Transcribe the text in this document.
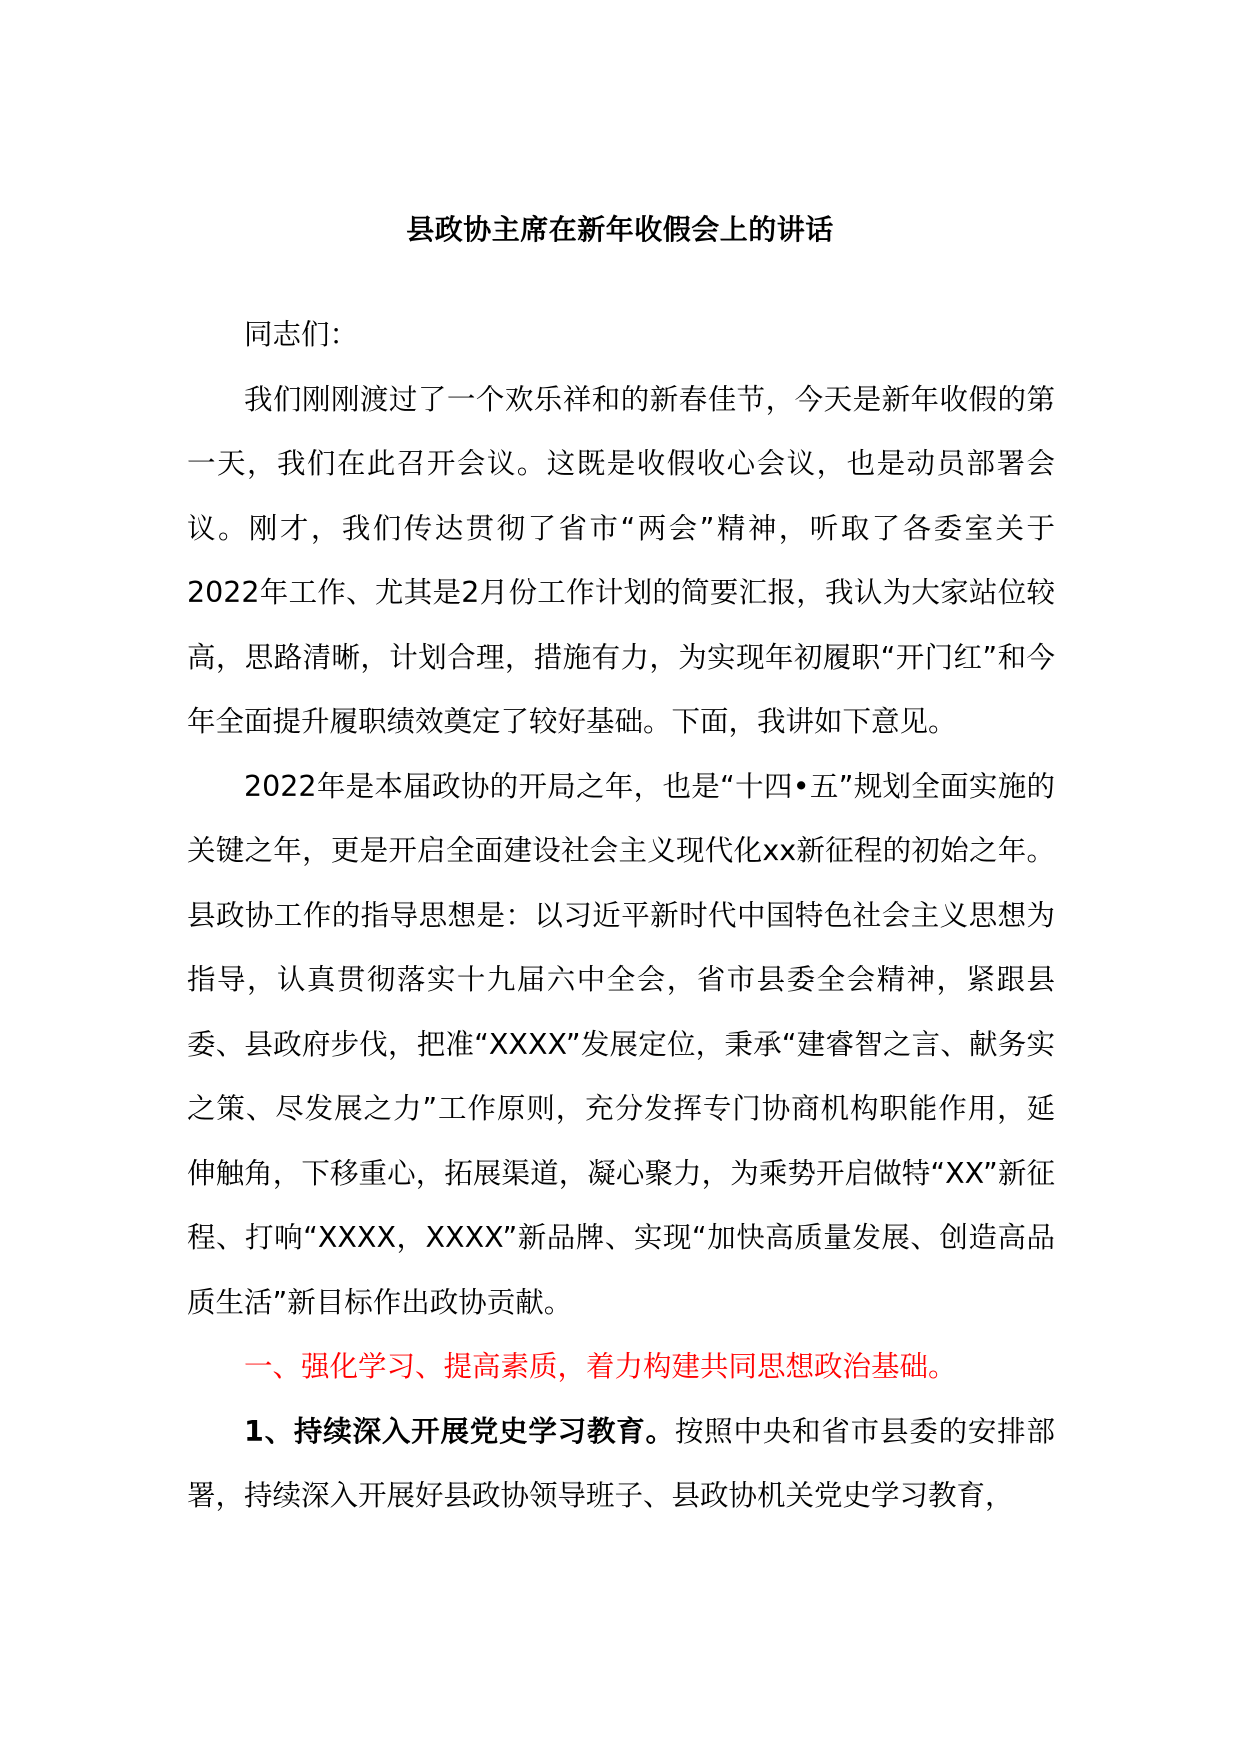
县政协主席在新年收假会上的讲话

同志们：

我们刚刚渡过了一个欢乐祥和的新春佳节，今天是新年收假的第一天，我们在此召开会议。这既是收假收心会议，也是动员部署会议。刚才，我们传达贯彻了省市“两会”精神，听取了各委室关于2022年工作、尤其是2月份工作计划的简要汇报，我认为大家站位较高，思路清晰，计划合理，措施有力，为实现年初履职“开门红”和今年全面提升履职绩效奠定了较好基础。下面，我讲如下意见。

2022年是本届政协的开局之年，也是“十四•五”规划全面实施的关键之年，更是开启全面建设社会主义现代化xx新征程的初始之年。县政协工作的指导思想是：以习近平新时代中国特色社会主义思想为指导，认真贯彻落实十九届六中全会，省市县委全会精神，紧跟县委、县政府步伐，把准“XXXX”发展定位，秉承“建睿智之言、献务实之策、尽发展之力”工作原则，充分发挥专门协商机构职能作用，延伸触角，下移重心，拓展渠道，凝心聚力，为乘势开启做特“XX”新征程、打响“XXXX，XXXX”新品牌、实现“加快高质量发展、创造高品质生活”新目标作出政协贡献。

一、强化学习、提高素质，着力构建共同思想政治基础。

1、持续深入开展党史学习教育。按照中央和省市县委的安排部署，持续深入开展好县政协领导班子、县政协机关党史学习教育，
